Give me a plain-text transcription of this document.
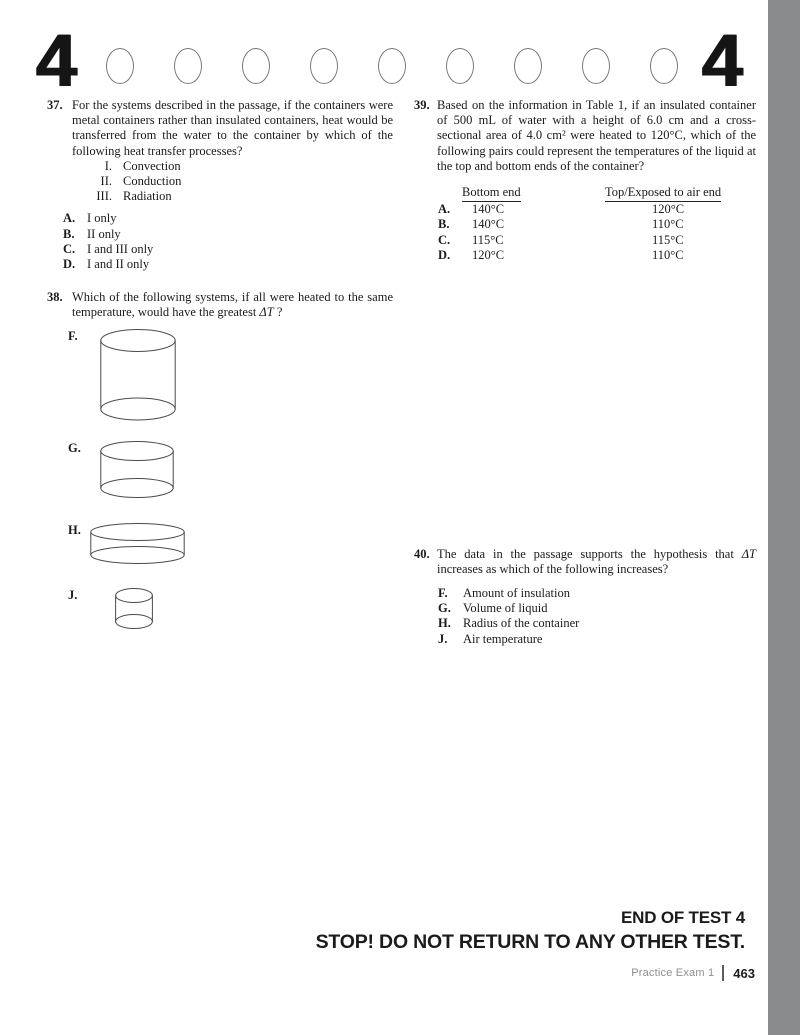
4	4
37. For the systems described in the passage, if the containers were metal containers rather than insulated containers, heat would be transferred from the water to the container by which of the following heat transfer processes?
I. Convection
II. Conduction
III. Radiation
A. I only
B.	II only
C. I and III only
D. I and II only
38. Which of the following systems, if all were heated to the same temperature, would have the greatest ΔT ?
F.
G.
H.
J.
39. Based on the information in Table 1, if an insulated container of 500 mL of water with a height of 6.0 cm and a cross-sectional area of 4.0 cm² were heated to 120°C, which of the following pairs could represent the temperatures of the liquid at the top and bottom ends of the container?
Bottom end	Top/Exposed to air end
A.	140°C	120°C
B.	140°C	110°C
C.	115°C	115°C
D.	120°C	110°C
40. The data in the passage supports the hypothesis that ΔT increases as which of the following increases?
F.	Amount of insulation
G. Volume of liquid
H. Radius of the container
J.	Air temperature
END OF TEST 4
STOP! DO NOT RETURN TO ANY OTHER TEST.
Practice Exam 1 463
